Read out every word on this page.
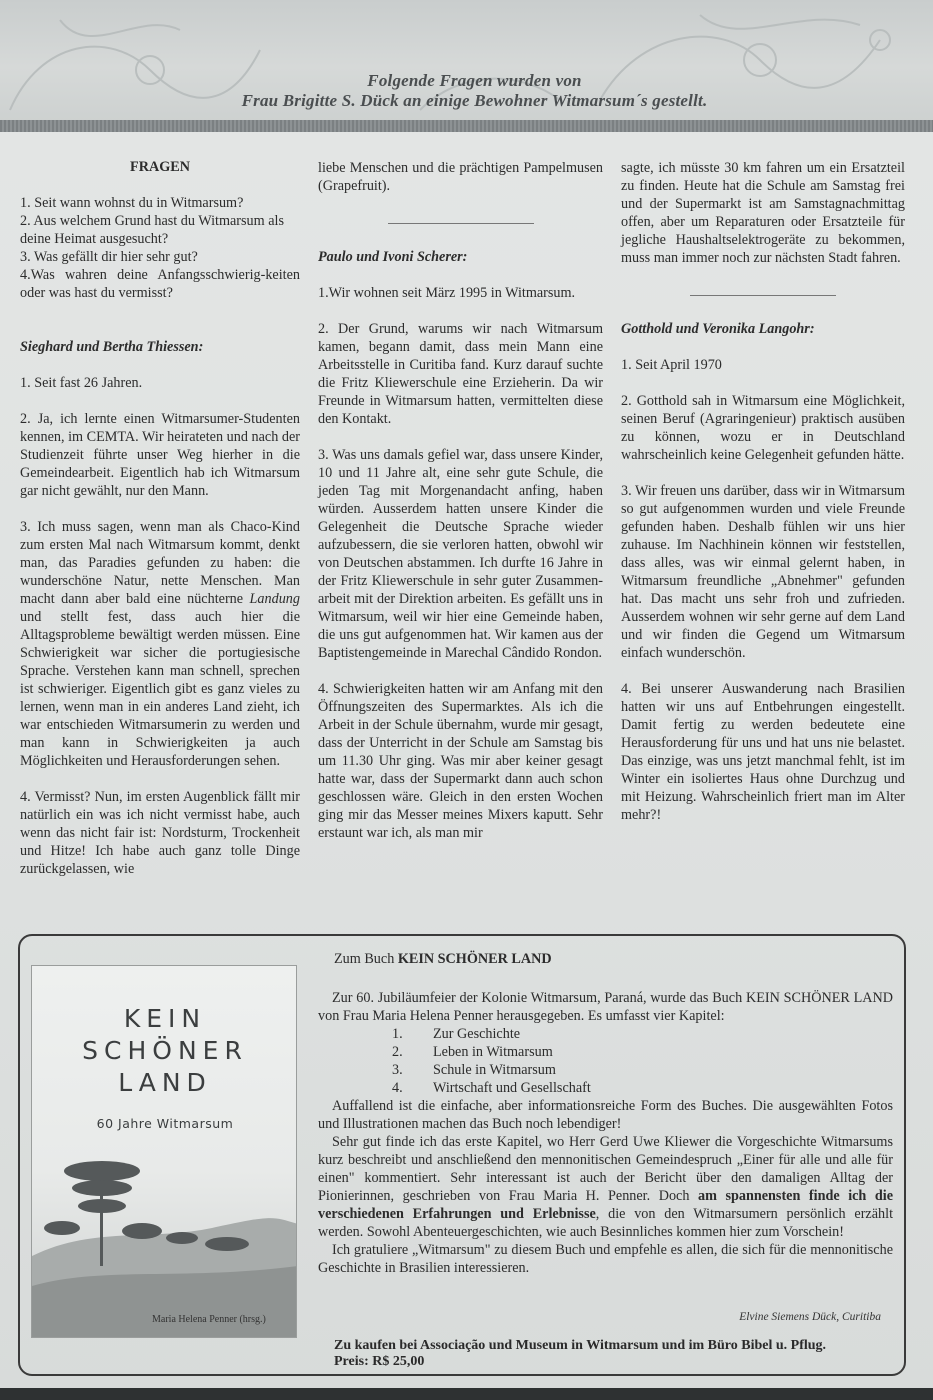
Folgende Fragen wurden von
Frau Brigitte S. Dück an einige Bewohner Witmarsum´s gestellt.
FRAGEN
1. Seit wann wohnst du in Witmarsum?
2. Aus welchem Grund hast du Witmarsum als deine Heimat ausgesucht?
3. Was gefällt dir hier sehr gut?
4.Was wahren deine Anfangsschwierig-keiten oder was hast du vermisst?
Sieghard und Bertha Thiessen:

1. Seit fast 26 Jahren.

2. Ja, ich lernte einen Witmarsumer-Studenten kennen, im CEMTA. Wir heirateten und nach der Studienzeit führte unser Weg hierher in die Gemeindearbeit. Eigentlich hab ich Witmarsum gar nicht gewählt, nur den Mann.

3. Ich muss sagen, wenn man als Chaco-Kind zum ersten Mal nach Witmarsum kommt, denkt man, das Paradies gefunden zu haben: die wunderschöne Natur, nette Menschen. Man macht dann aber bald eine nüchterne Landung und stellt fest, dass auch hier die Alltagsprobleme bewältigt werden müssen. Eine Schwierigkeit war sicher die portugiesische Sprache. Verstehen kann man schnell, sprechen ist schwieriger. Eigentlich gibt es ganz vieles zu lernen, wenn man in ein anderes Land zieht, ich war entschieden Witmarsumerin zu werden und man kann in Schwierigkeiten ja auch Möglichkeiten und Herausforderungen sehen.

4. Vermisst? Nun, im ersten Augenblick fällt mir natürlich ein was ich nicht vermisst habe, auch wenn das nicht fair ist: Nordsturm, Trockenheit und Hitze! Ich habe auch ganz tolle Dinge zurückgelassen, wie

liebe Menschen und die prächtigen Pampelmusen (Grapefruit).

Paulo und Ivoni Scherer:

1.Wir wohnen seit März 1995 in Witmarsum.

2. Der Grund, warums wir nach Witmarsum kamen, begann damit, dass mein Mann eine Arbeitsstelle in Curitiba fand. Kurz darauf suchte die Fritz Kliewerschule eine Erzieherin. Da wir Freunde in Witmarsum hatten, vermittelten diese den Kontakt.

3. Was uns damals gefiel war, dass unsere Kinder, 10 und 11 Jahre alt, eine sehr gute Schule, die jeden Tag mit Morgenandacht anfing, haben würden. Ausserdem hatten unsere Kinder die Gelegenheit die Deutsche Sprache wieder aufzubessern, die sie verloren hatten, obwohl wir von Deutschen abstammen. Ich durfte 16 Jahre in der Fritz Kliewerschule in sehr guter Zusammen-arbeit mit der Direktion arbeiten. Es gefällt uns in Witmarsum, weil wir hier eine Gemeinde haben, die uns gut aufgenommen hat. Wir kamen aus der Baptistengemeinde in Marechal Cândido Rondon.

4. Schwierigkeiten hatten wir am Anfang mit den Öffnungszeiten des Supermarktes. Als ich die Arbeit in der Schule übernahm, wurde mir gesagt, dass der Unterricht in der Schule am Samstag bis um 11.30 Uhr ging. Was mir aber keiner gesagt hatte war, dass der Supermarkt dann auch schon geschlossen wäre. Gleich in den ersten Wochen ging mir das Messer meines Mixers kaputt. Sehr erstaunt war ich, als man mir

sagte, ich müsste 30 km fahren um ein Ersatzteil zu finden. Heute hat die Schule am Samstag frei und der Supermarkt ist am Samstagnachmittag offen, aber um Reparaturen oder Ersatzteile für jegliche Haushaltselektrogeräte zu bekommen, muss man immer noch zur nächsten Stadt fahren.

Gotthold und Veronika Langohr:

1. Seit April 1970

2. Gotthold sah in Witmarsum eine Möglichkeit, seinen Beruf (Agraringenieur) praktisch ausüben zu können, wozu er in Deutschland wahrscheinlich keine Gelegenheit gefunden hätte.

3. Wir freuen uns darüber, dass wir in Witmarsum so gut aufgenommen wurden und viele Freunde gefunden haben. Deshalb fühlen wir uns hier zuhause. Im Nachhinein können wir feststellen, dass alles, was wir einmal gelernt haben, in Witmarsum freundliche „Abnehmer" gefunden hat. Das macht uns sehr froh und zufrieden. Ausserdem wohnen wir sehr gerne auf dem Land und wir finden die Gegend um Witmarsum einfach wunderschön.

4. Bei unserer Auswanderung nach Brasilien hatten wir uns auf Entbehrungen eingestellt. Damit fertig zu werden bedeutete eine Herausforderung für uns und hat uns nie belastet. Das einzige, was uns jetzt manchmal fehlt, ist im Winter ein isoliertes Haus ohne Durchzug und mit Heizung. Wahrscheinlich friert man im Alter mehr?!

KEIN
SCHÖNER
LAND
60 Jahre Witmarsum
Maria Helena Penner (hrsg.)
Zum Buch KEIN SCHÖNER LAND
Zur 60. Jubiläumfeier der Kolonie Witmarsum, Paraná, wurde das Buch KEIN SCHÖNER LAND von Frau Maria Helena Penner herausgegeben. Es umfasst vier Kapitel:
1. Zur Geschichte
2. Leben in Witmarsum
3. Schule in Witmarsum
4. Wirtschaft und Gesellschaft
Auffallend ist die einfache, aber informationsreiche Form des Buches. Die ausgewählten Fotos und Illustrationen machen das Buch noch lebendiger!
Sehr gut finde ich das erste Kapitel, wo Herr Gerd Uwe Kliewer die Vorgeschichte Witmarsums kurz beschreibt und anschließend den mennonitischen Gemeindespruch „Einer für alle und alle für einen" kommentiert. Sehr interessant ist auch der Bericht über den damaligen Alltag der Pionierinnen, geschrieben von Frau Maria H. Penner. Doch am spannensten finde ich die verschiedenen Erfahrungen und Erlebnisse, die von den Witmarsumern persönlich erzählt werden. Sowohl Abenteuergeschichten, wie auch Besinnliches kommen hier zum Vorschein!
Ich gratuliere „Witmarsum" zu diesem Buch und empfehle es allen, die sich für die mennonitische Geschichte in Brasilien interessieren.
Elvine Siemens Dück, Curitiba
Zu kaufen bei Associação und Museum in Witmarsum und im Büro Bibel u. Pflug.
Preis: R$ 25,00
